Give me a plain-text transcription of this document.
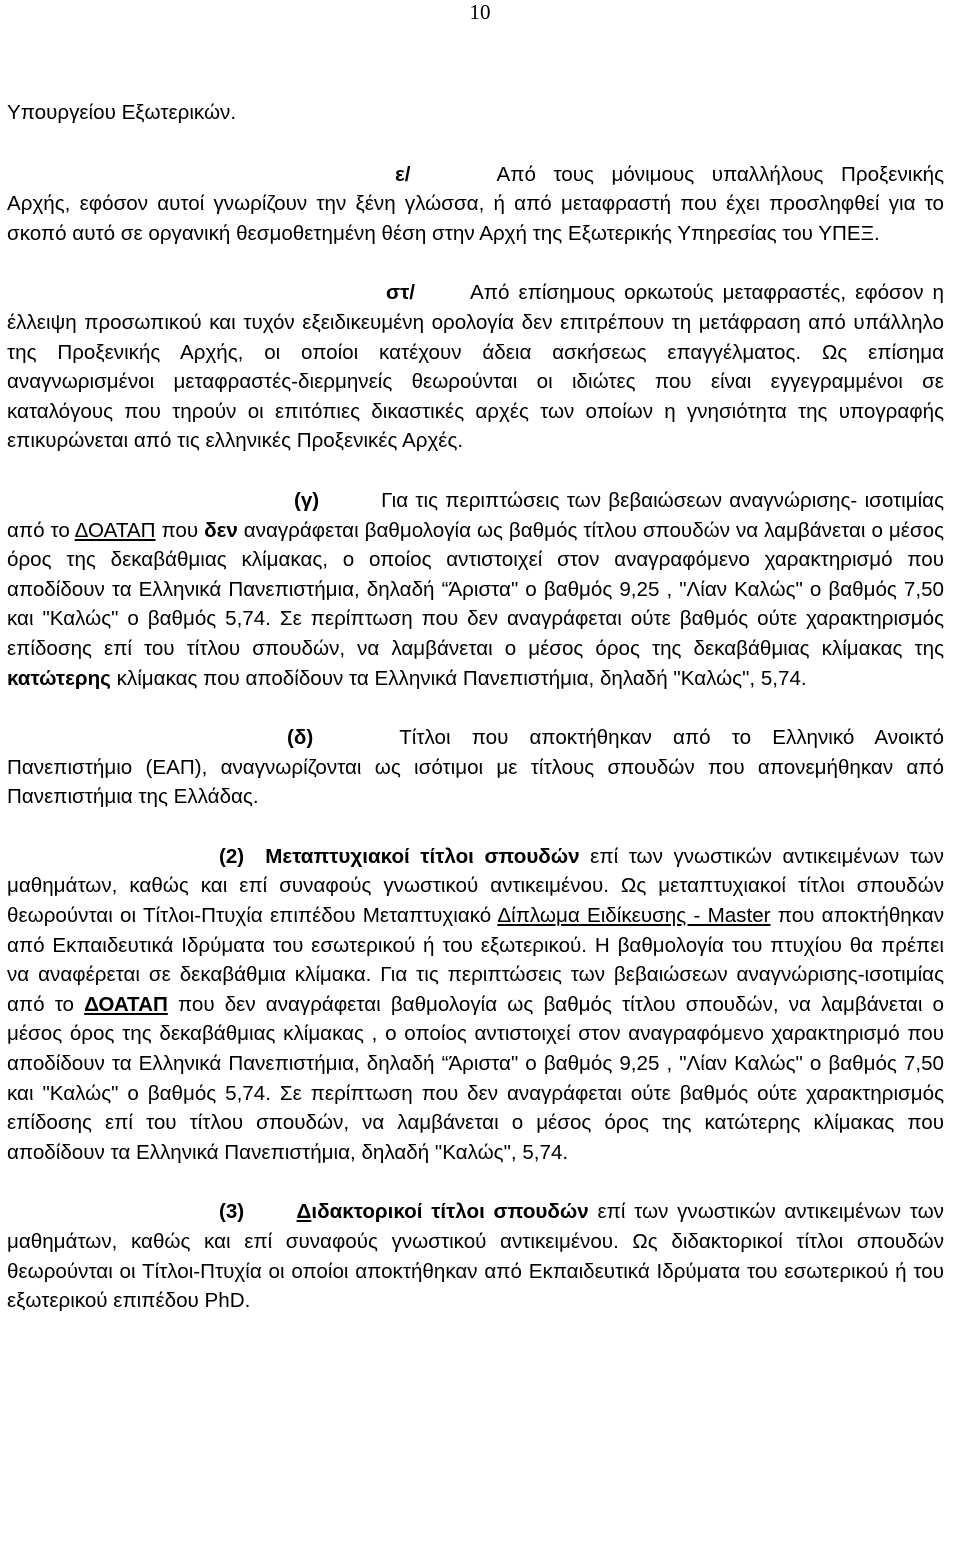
10

Υπουργείου Εξωτερικών.

ε/	Από τους μόνιμους υπαλλήλους Προξενικής Αρχής, εφόσον αυτοί γνωρίζουν την ξένη γλώσσα, ή από μεταφραστή που έχει προσληφθεί για το σκοπό αυτό σε οργανική θεσμοθετημένη θέση στην Αρχή της Εξωτερικής Υπηρεσίας του ΥΠΕΞ.

στ/	Από επίσημους ορκωτούς μεταφραστές, εφόσον η έλλειψη προσωπικού και τυχόν εξειδικευμένη ορολογία δεν επιτρέπουν τη μετάφραση από υπάλληλο της Προξενικής Αρχής, οι οποίοι κατέχουν άδεια ασκήσεως επαγγέλματος. Ως επίσημα αναγνωρισμένοι μεταφραστές-διερμηνείς θεωρούνται οι ιδιώτες που είναι εγγεγραμμένοι σε καταλόγους που τηρούν οι επιτόπιες δικαστικές αρχές των οποίων η γνησιότητα της υπογραφής επικυρώνεται από τις ελληνικές Προξενικές Αρχές.

(γ)	Για τις περιπτώσεις των βεβαιώσεων αναγνώρισης- ισοτιμίας από το ΔΟΑΤΑΠ που δεν αναγράφεται βαθμολογία ως βαθμός τίτλου σπουδών να λαμβάνεται ο μέσος όρος της δεκαβάθμιας κλίμακας, ο οποίος αντιστοιχεί στον αναγραφόμενο χαρακτηρισμό που αποδίδουν τα Ελληνικά Πανεπιστήμια, δηλαδή “Άριστα" ο βαθμός 9,25 , "Λίαν Καλώς" ο βαθμός 7,50 και "Καλώς" ο βαθμός 5,74. Σε περίπτωση που δεν αναγράφεται ούτε βαθμός ούτε χαρακτηρισμός επίδοσης επί του τίτλου σπουδών, να λαμβάνεται ο μέσος όρος της δεκαβάθμιας κλίμακας της κατώτερης κλίμακας που αποδίδουν τα Ελληνικά Πανεπιστήμια, δηλαδή "Καλώς", 5,74.

(δ)	Τίτλοι που αποκτήθηκαν από το Ελληνικό Ανοικτό Πανεπιστήμιο (ΕΑΠ), αναγνωρίζονται ως ισότιμοι με τίτλους σπουδών που απονεμήθηκαν από Πανεπιστήμια της Ελλάδας.

(2) Μεταπτυχιακοί τίτλοι σπουδών επί των γνωστικών αντικειμένων των μαθημάτων, καθώς και επί συναφούς γνωστικού αντικειμένου. Ως μεταπτυχιακοί τίτλοι σπουδών θεωρούνται οι Τίτλοι-Πτυχία επιπέδου Μεταπτυχιακό Δίπλωμα Ειδίκευσης - Master που αποκτήθηκαν από Εκπαιδευτικά Ιδρύματα του εσωτερικού ή του εξωτερικού. Η βαθμολογία του πτυχίου θα πρέπει να αναφέρεται σε δεκαβάθμια κλίμακα. Για τις περιπτώσεις των βεβαιώσεων αναγνώρισης-ισοτιμίας από το ΔΟΑΤΑΠ που δεν αναγράφεται βαθμολογία ως βαθμός τίτλου σπουδών, να λαμβάνεται ο μέσος όρος της δεκαβάθμιας κλίμακας , ο οποίος αντιστοιχεί στον αναγραφόμενο χαρακτηρισμό που αποδίδουν τα Ελληνικά Πανεπιστήμια, δηλαδή “Άριστα" ο βαθμός 9,25 , "Λίαν Καλώς" ο βαθμός 7,50 και "Καλώς" ο βαθμός 5,74. Σε περίπτωση που δεν αναγράφεται ούτε βαθμός ούτε χαρακτηρισμός επίδοσης επί του τίτλου σπουδών, να λαμβάνεται ο μέσος όρος της κατώτερης κλίμακας που αποδίδουν τα Ελληνικά Πανεπιστήμια, δηλαδή "Καλώς", 5,74.

(3)	Διδακτορικοί τίτλοι σπουδών επί των γνωστικών αντικειμένων των μαθημάτων, καθώς και επί συναφούς γνωστικού αντικειμένου. Ως διδακτορικοί τίτλοι σπουδών θεωρούνται οι Τίτλοι-Πτυχία οι οποίοι αποκτήθηκαν από Εκπαιδευτικά Ιδρύματα του εσωτερικού ή του εξωτερικού επιπέδου PhD.
